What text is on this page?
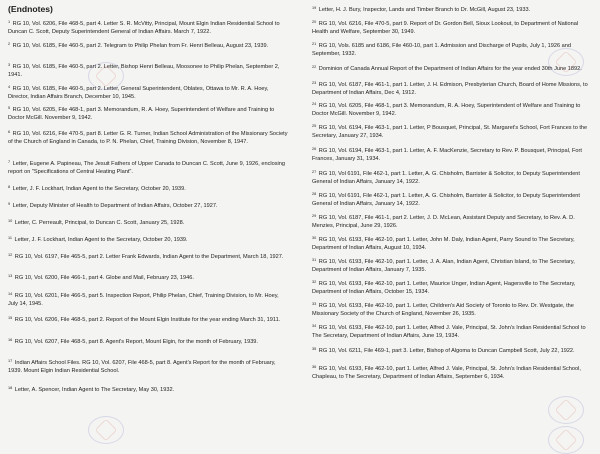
(Endnotes)
$^1$ RG 10, Vol. 6206, File 468-5, part 4. Letter S. R. McVitty, Principal, Mount Elgin Indian Residential School to Duncan C. Scott, Deputy Superintendent General of Indian Affairs. March 7, 1922.
$^2$ RG 10, Vol. 6185, File 460-5, part 2. Telegram to Philip Phelan from Fr. Henri Belleau, August 23, 1939.
$^3$ RG 10, Vol. 6185, File 460-5, part 2. Letter, Bishop Henri Belleau, Moosonee to Philip Phelan, September 2, 1941.
$^4$ RG 10, Vol. 6185, File 460-5, part 2. Letter, General Superintendent, Oblates, Ottawa to Mr. R. A. Hoey, Director, Indian Affairs Branch, December 10, 1945.
$^5$ RG 10, Vol. 6205, File 468-1, part 3. Memorandum, R. A. Hoey, Superintendent of Welfare and Training to Doctor McGill. November 9, 1942.
$^6$ RG 10, Vol. 6216, File 470-5, part 8. Letter G. R. Turner, Indian School Administration of the Missionary Society of the Church of England in Canada, to P. N. Phelan, Chief, Training Division, November 8, 1947.
$^7$ Letter, Eugene A. Papineau, The Jesuit Fathers of Upper Canada to Duncan C. Scott, June 9, 1926, enclosing report on "Specifications of Central Heating Plant".
$^8$ Letter, J. F. Lockhart, Indian Agent to the Secretary, October 20, 1939.
$^9$ Letter, Deputy Minister of Health to Department of Indian Affairs, October 27, 1927.
$^{10}$ Letter, C. Perreault, Principal, to Duncan C. Scott, January 25, 1928.
$^{11}$ Letter, J. F. Lockhart, Indian Agent to the Secretary, October 20, 1939.
$^{12}$ RG 10, Vol. 6197, File 465-5, part 2. Letter Frank Edwards, Indian Agent to the Department, March 18, 1927.
$^{13}$ RG 10, Vol. 6200, File 466-1, part 4. Globe and Mail, February 23, 1946.
$^{14}$ RG 10, Vol. 6201, File 466-5, part 5. Inspection Report, Philip Phelan, Chief, Training Division, to Mr. Hoey, July 14, 1945.
$^{15}$ RG 10, Vol. 6206, File 468-5, part 2. Report of the Mount Elgin Institute for the year ending March 31, 1911.
$^{16}$ RG 10, Vol. 6207, File 468-5, part 8. Agent's Report, Mount Elgin, for the month of February, 1939.
$^{17}$ Indian Affairs School Files. RG 10, Vol. 6207, File 468-5, part 8. Agent's Report for the month of February, 1939. Mount Elgin Indian Residential School.
$^{18}$ Letter, A. Spencer, Indian Agent to The Secretary, May 30, 1932.
$^{19}$ Letter, H. J. Bury, Inspector, Lands and Timber Branch to Dr. McGill, August 23, 1933.
$^{20}$ RG 10, Vol. 6216, File 470-5, part 9. Report of Dr. Gordon Bell, Sioux Lookout, to Department of National Health and Welfare, September 30, 1949.
$^{21}$ RG 10, Vols. 6185 and 6186, File 460-10, part 1. Admission and Discharge of Pupils, July 1, 1926 and September, 1932.
$^{22}$ Dominion of Canada Annual Report of the Department of Indian Affairs for the year ended 30th June 1892.
$^{23}$ RG 10, Vol. 6187, File 461-1, part 1. Letter, J. H. Edmison, Presbyterian Church, Board of Home Missions, to Department of Indian Affairs, Dec 4, 1912.
$^{24}$ RG 10, Vol. 6205, File 468-1, part 3. Memorandum, R. A. Hoey, Superintendent of Welfare and Training to Doctor McGill. November 9, 1942.
$^{25}$ RG 10, Vol. 6194, File 463-1, part 1. Letter, P Bousquet, Principal, St. Margaret's School, Fort Frances to the Secretary, January 27, 1934.
$^{26}$ RG 10, Vol. 6194, File 463-1, part 1. Letter, A. F. MacKenzie, Secretary to Rev. P. Bousquet, Principal, Fort Frances, January 31, 1934.
$^{27}$ RG 10, Vol 6191, File 462-1, part 1. Letter, A. G. Chisholm, Barrister & Solicitor, to Deputy Superintendent General of Indian Affairs, January 14, 1922.
$^{28}$ RG 10, Vol 6191, File 462-1, part 1. Letter, A. G. Chisholm, Barrister & Solicitor, to Deputy Superintendent General of Indian Affairs, January 14, 1922.
$^{29}$ RG 10, Vol. 6187, File 461-1, part 2. Letter, J. D. McLean, Assistant Deputy and Secretary, to Rev. A. D. Menzies, Principal, June 29, 1926.
$^{30}$ RG 10, Vol. 6193, File 462-10, part 1. Letter, John M. Daly, Indian Agent, Parry Sound to The Secretary, Department of Indian Affairs, August 10, 1934.
$^{31}$ RG 10, Vol. 6193, File 462-10, part 1. Letter, J. A. Alan, Indian Agent, Christian Island, to The Secretary, Department of Indian Affairs, January 7, 1935.
$^{32}$ RG 10, Vol. 6193, File 462-10, part 1. Letter, Maurice Unger, Indian Agent, Hagersville to The Secretary, Department of Indian Affairs, October 15, 1934.
$^{33}$ RG 10, Vol. 6193, File 462-10, part 1. Letter, Children's Aid Society of Toronto to Rev. Dr. Westgate, the Missionary Society of the Church of England, November 26, 1935.
$^{34}$ RG 10, Vol. 6193, File 462-10, part 1. Letter, Alfred J. Vale, Principal, St. John's Indian Residential School to The Secretary, Department of Indian Affairs, June 19, 1934.
$^{35}$ RG 10, Vol. 6211, File 469-1, part 3. Letter, Bishop of Algoma to Duncan Campbell Scott, July 22, 1922.
$^{36}$ RG 10, Vol. 6193, File 462-10, part 1. Letter, Alfred J. Vale, Principal, St. John's Indian Residential School, Chapleau, to The Secretary, Department of Indian Affairs, September 6, 1934.
